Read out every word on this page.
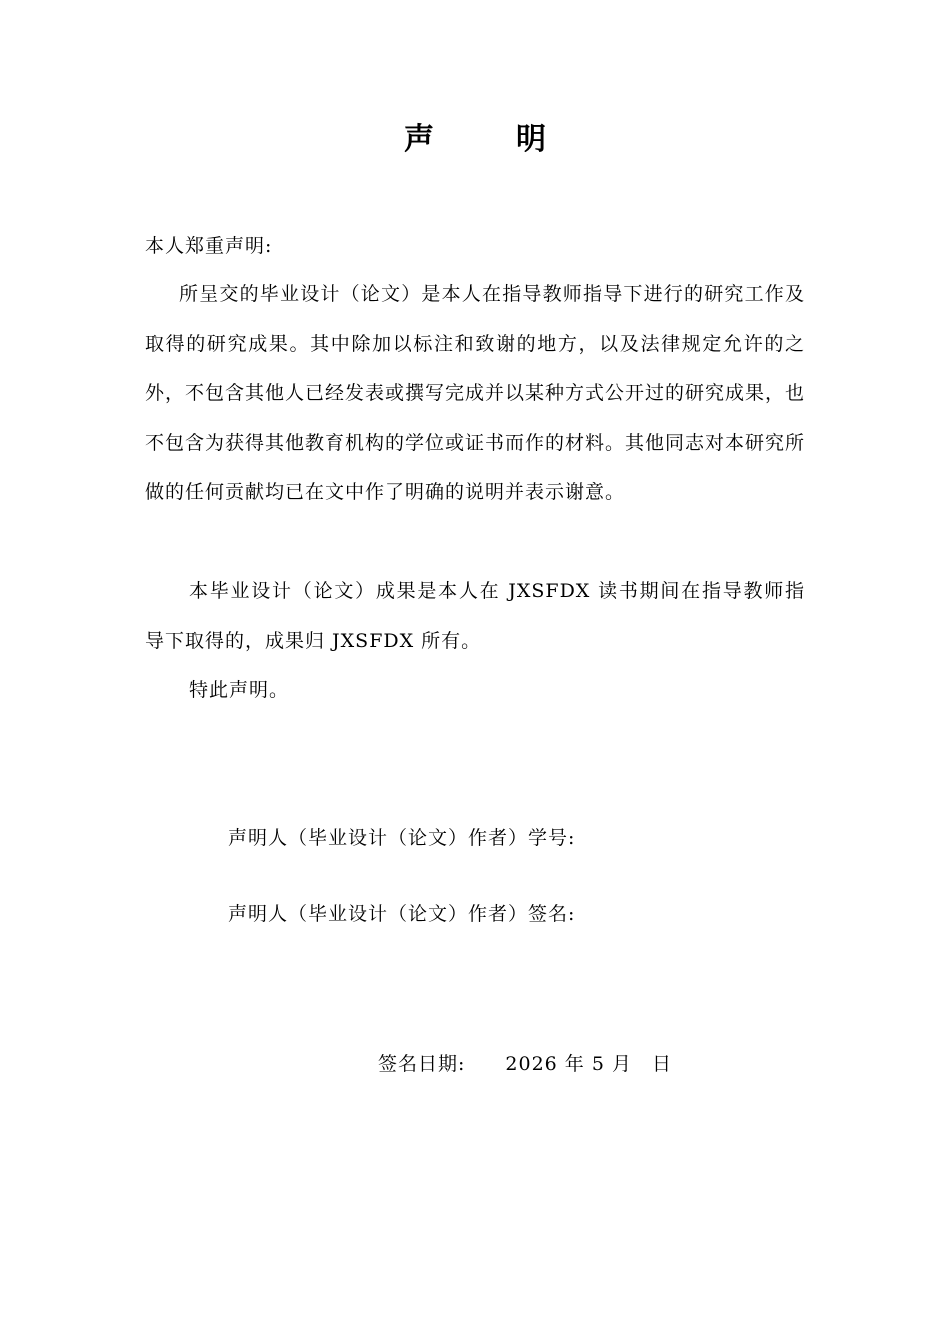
声	明
本人郑重声明:
所呈交的毕业设计（论文）是本人在指导教师指导下进行的研究工作及取得的研究成果。其中除加以标注和致谢的地方，以及法律规定允许的之外，不包含其他人已经发表或撰写完成并以某种方式公开过的研究成果，也不包含为获得其他教育机构的学位或证书而作的材料。其他同志对本研究所做的任何贡献均已在文中作了明确的说明并表示谢意。
本毕业设计（论文）成果是本人在 JXSFDX 读书期间在指导教师指导下取得的，成果归 JXSFDX 所有。
特此声明。
声明人（毕业设计（论文）作者）学号:
声明人（毕业设计（论文）作者）签名:
签名日期:　　2026 年 5 月　日
